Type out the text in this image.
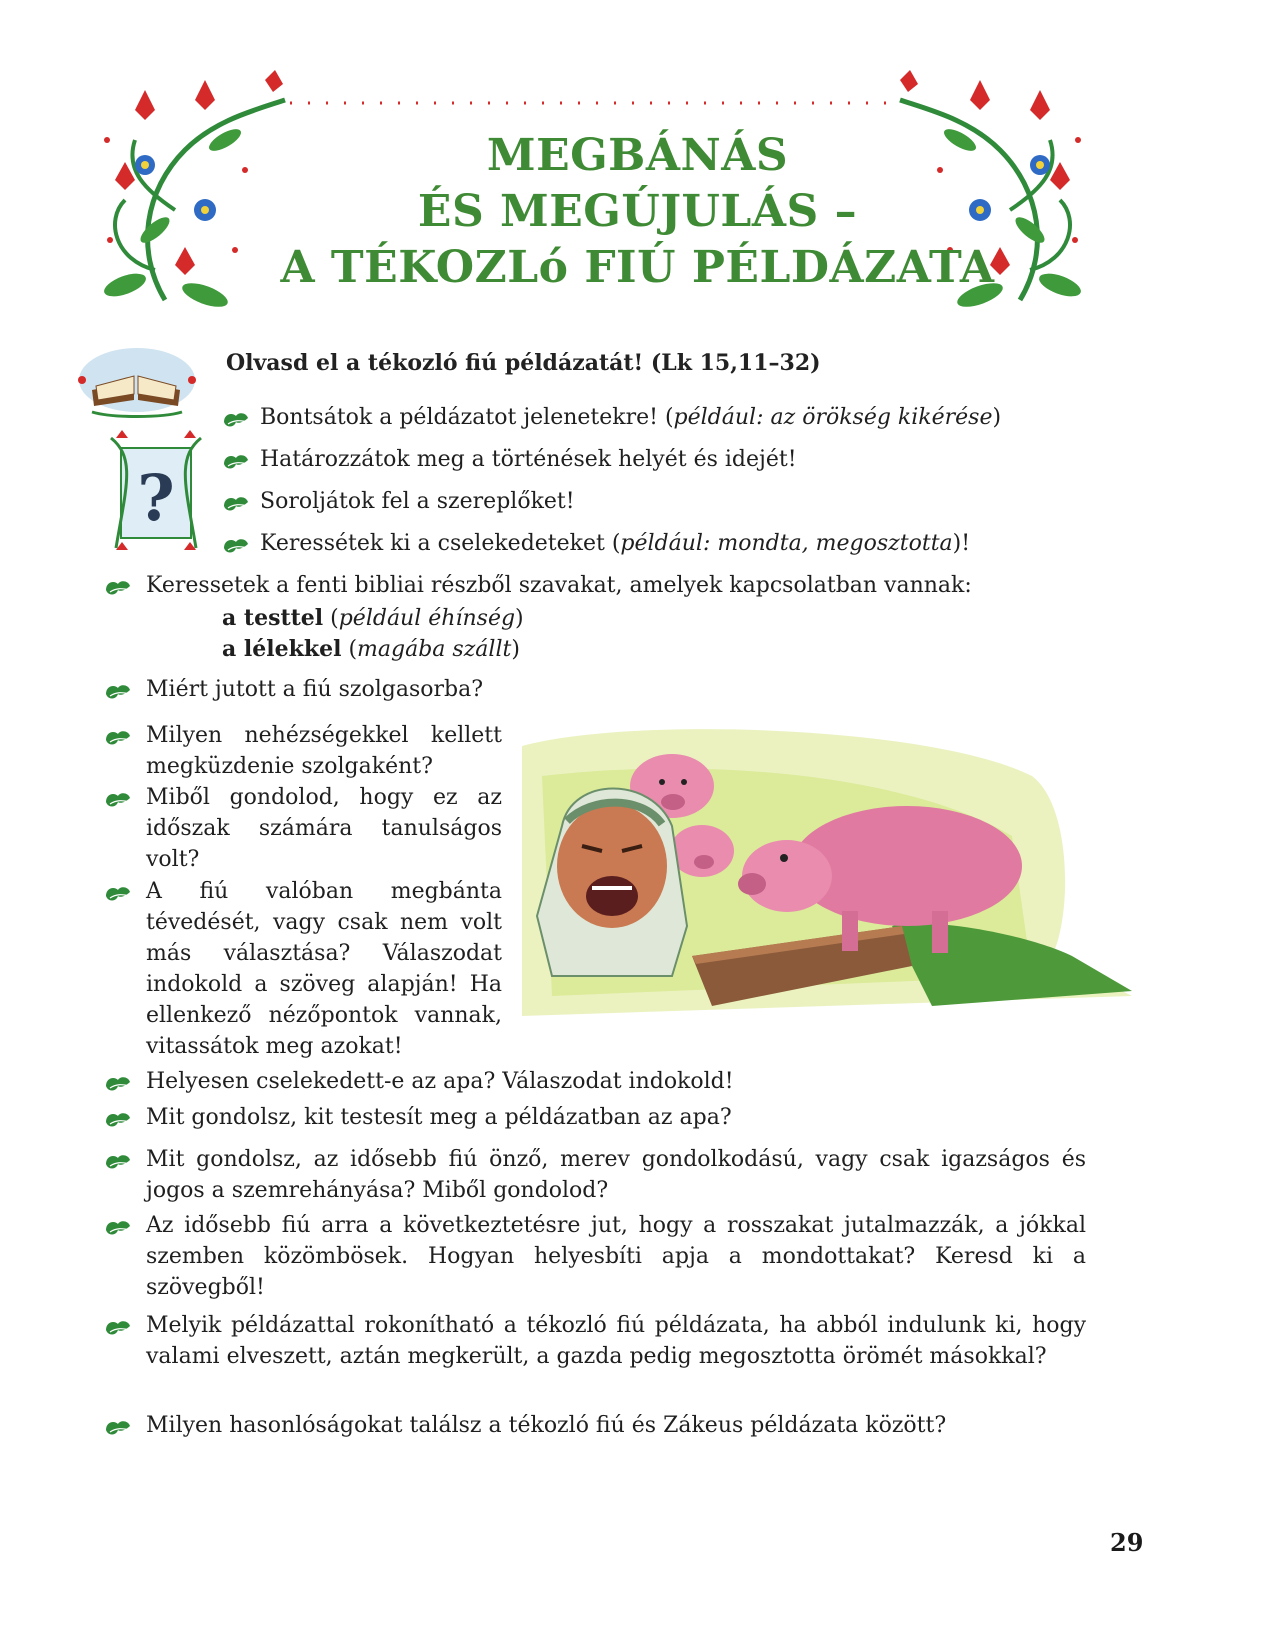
MEGBÁNÁS
ÉS MEGÚJULÁS –
A TÉKOZLó FIÚ PÉLDÁZATA
?
Olvasd el a tékozló fiú példázatát! (Lk 15,11–32)
Bontsátok a példázatot jelenetekre! (például: az örökség kikérése)
Határozzátok meg a történések helyét és idejét!
Soroljátok fel a szereplőket!
Keressétek ki a cselekedeteket (például: mondta, megosztotta)!
Keressetek a fenti bibliai részből szavakat, amelyek kapcsolatban vannak:
a testtel (például éhínség)
a lélekkel (magába szállt)
Miért jutott a fiú szolgasorba?
Milyen nehézségekkel kellett megküzdenie szolgaként?
Miből gondolod, hogy ez az időszak számára tanulságos volt?
A fiú valóban megbánta tévedését, vagy csak nem volt más választása? Válaszodat indokold a szöveg alapján! Ha ellenkező nézőpontok vannak, vitassátok meg azokat!
Helyesen cselekedett-e az apa? Válaszodat indokold!
Mit gondolsz, kit testesít meg a példázatban az apa?
Mit gondolsz, az idősebb fiú önző, merev gondolkodású, vagy csak igazságos és jogos a szemrehányása? Miből gondolod?
Az idősebb fiú arra a következtetésre jut, hogy a rosszakat jutalmazzák, a jókkal szemben közömbösek. Hogyan helyesbíti apja a mondottakat? Keresd ki a szövegből!
Melyik példázattal rokonítható a tékozló fiú példázata, ha abból indulunk ki, hogy valami elveszett, aztán megkerült, a gazda pedig megosztotta örömét másokkal?
Milyen hasonlóságokat találsz a tékozló fiú és Zákeus példázata között?
29
